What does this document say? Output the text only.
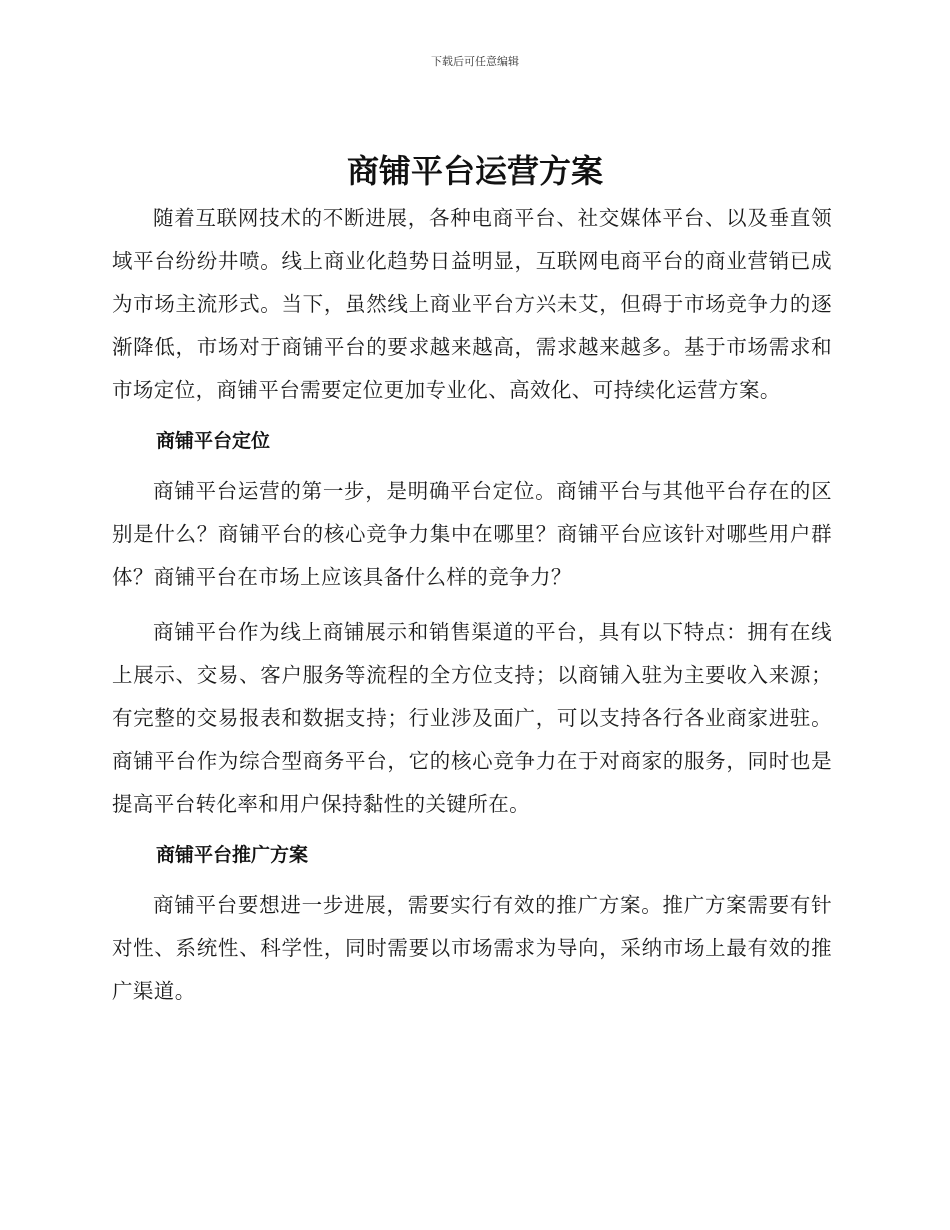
下载后可任意编辑
商铺平台运营方案

随着互联网技术的不断进展，各种电商平台、社交媒体平台、以及垂直领域平台纷纷井喷。线上商业化趋势日益明显，互联网电商平台的商业营销已成为市场主流形式。当下，虽然线上商业平台方兴未艾，但碍于市场竞争力的逐渐降低，市场对于商铺平台的要求越来越高，需求越来越多。基于市场需求和市场定位，商铺平台需要定位更加专业化、高效化、可持续化运营方案。

商铺平台定位

商铺平台运营的第一步，是明确平台定位。商铺平台与其他平台存在的区别是什么？商铺平台的核心竞争力集中在哪里？商铺平台应该针对哪些用户群体？商铺平台在市场上应该具备什么样的竞争力？

商铺平台作为线上商铺展示和销售渠道的平台，具有以下特点：拥有在线上展示、交易、客户服务等流程的全方位支持；以商铺入驻为主要收入来源；有完整的交易报表和数据支持；行业涉及面广，可以支持各行各业商家进驻。商铺平台作为综合型商务平台，它的核心竞争力在于对商家的服务，同时也是提高平台转化率和用户保持黏性的关键所在。

商铺平台推广方案

商铺平台要想进一步进展，需要实行有效的推广方案。推广方案需要有针对性、系统性、科学性，同时需要以市场需求为导向，采纳市场上最有效的推广渠道。
